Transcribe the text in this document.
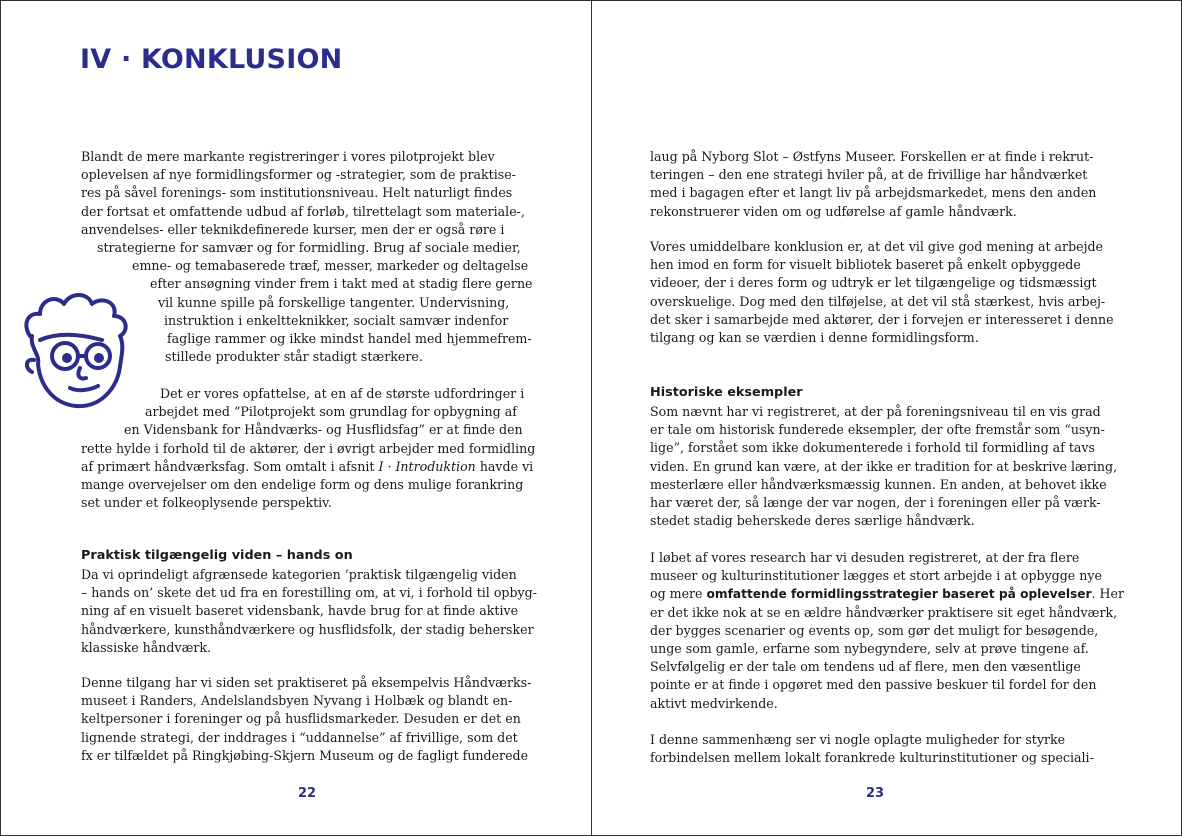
IV · KONKLUSION
Blandt de mere markante registreringer i vores pilotprojekt blev
oplevelsen af nye formidlingsformer og -strategier, som de praktise-
res på såvel forenings- som institutionsniveau. Helt naturligt findes
der fortsat et omfattende udbud af forløb, tilrettelagt som materiale-,
anvendelses- eller teknikdefinerede kurser, men der er også røre i
strategierne for samvær og for formidling. Brug af sociale medier,
emne- og temabaserede træf, messer, markeder og deltagelse
efter ansøgning vinder frem i takt med at stadig flere gerne
vil kunne spille på forskellige tangenter. Undervisning,
instruktion i enkeltteknikker, socialt samvær indenfor
faglige rammer og ikke mindst handel med hjemmefrem-
stillede produkter står stadigt stærkere.
Det er vores opfattelse, at en af de største udfordringer i
arbejdet med “Pilotprojekt som grundlag for opbygning af
en Vidensbank for Håndværks- og Husflidsfag” er at finde den
rette hylde i forhold til de aktører, der i øvrigt arbejder med formidling
af primært håndværksfag. Som omtalt i afsnit I · Introduktion havde vi
mange overvejelser om den endelige form og dens mulige forankring
set under et folkeoplysende perspektiv.
Praktisk tilgængelig viden – hands on
Da vi oprindeligt afgrænsede kategorien ‘praktisk tilgængelig viden
– hands on’ skete det ud fra en forestilling om, at vi, i forhold til opbyg-
ning af en visuelt baseret vidensbank, havde brug for at finde aktive
håndværkere, kunsthåndværkere og husflidsfolk, der stadig behersker
klassiske håndværk.
Denne tilgang har vi siden set praktiseret på eksempelvis Håndværks-
museet i Randers, Andelslandsbyen Nyvang i Holbæk og blandt en-
keltpersoner i foreninger og på husflidsmarkeder. Desuden er det en
lignende strategi, der inddrages i “uddannelse” af frivillige, som det
fx er tilfældet på Ringkjøbing-Skjern Museum og de fagligt funderede
22
laug på Nyborg Slot – Østfyns Museer. Forskellen er at finde i rekrut-
teringen – den ene strategi hviler på, at de frivillige har håndværket
med i bagagen efter et langt liv på arbejdsmarkedet, mens den anden
rekonstruerer viden om og udførelse af gamle håndværk.
Vores umiddelbare konklusion er, at det vil give god mening at arbejde
hen imod en form for visuelt bibliotek baseret på enkelt opbyggede
videoer, der i deres form og udtryk er let tilgængelige og tidsmæssigt
overskuelige. Dog med den tilføjelse, at det vil stå stærkest, hvis arbej-
det sker i samarbejde med aktører, der i forvejen er interesseret i denne
tilgang og kan se værdien i denne formidlingsform.
Historiske eksempler
Som nævnt har vi registreret, at der på foreningsniveau til en vis grad
er tale om historisk funderede eksempler, der ofte fremstår som “usyn-
lige”, forstået som ikke dokumenterede i forhold til formidling af tavs
viden. En grund kan være, at der ikke er tradition for at beskrive læring,
mesterlære eller håndværksmæssig kunnen. En anden, at behovet ikke
har været der, så længe der var nogen, der i foreningen eller på værk-
stedet stadig beherskede deres særlige håndværk.
I løbet af vores research har vi desuden registreret, at der fra flere
museer og kulturinstitutioner lægges et stort arbejde i at opbygge nye
og mere omfattende formidlingsstrategier baseret på oplevelser. Her
er det ikke nok at se en ældre håndværker praktisere sit eget håndværk,
der bygges scenarier og events op, som gør det muligt for besøgende,
unge som gamle, erfarne som nybegyndere, selv at prøve tingene af.
Selvfølgelig er der tale om tendens ud af flere, men den væsentlige
pointe er at finde i opgøret med den passive beskuer til fordel for den
aktivt medvirkende.
I denne sammenhæng ser vi nogle oplagte muligheder for styrke
forbindelsen mellem lokalt forankrede kulturinstitutioner og speciali-
23
